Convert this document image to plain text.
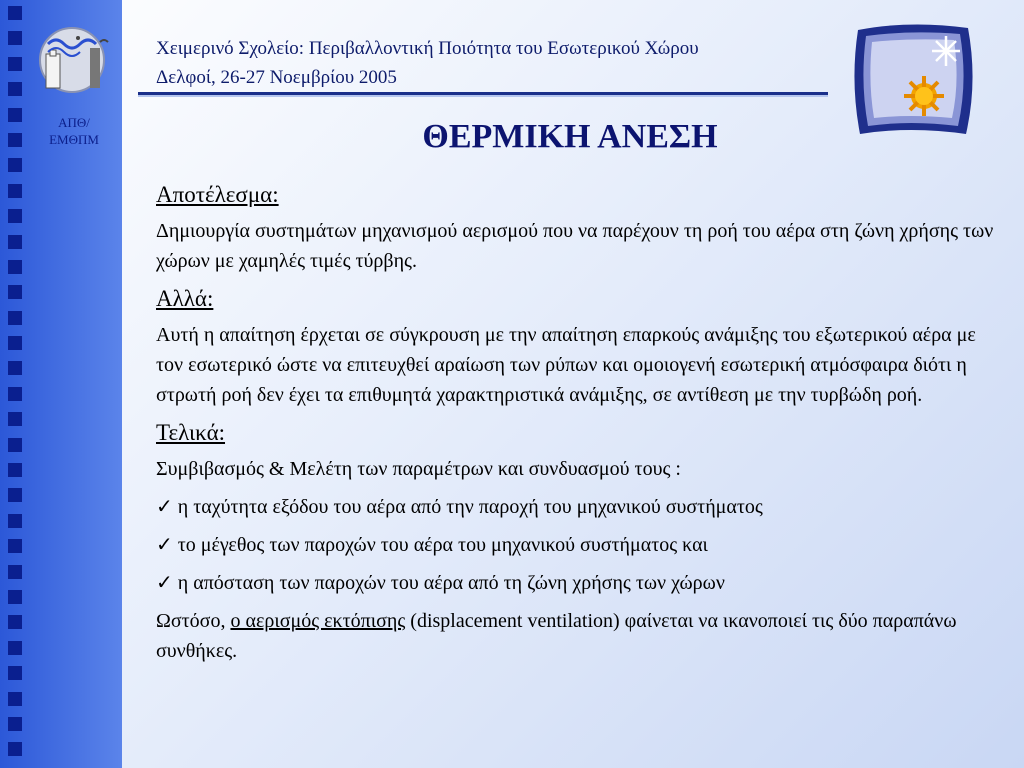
ΑΠΘ/
ΕΜΘΠΜ
Χειμερινό Σχολείο: Περιβαλλοντική Ποιότητα του Εσωτερικού Χώρου
Δελφοί, 26-27 Νοεμβρίου 2005
ΘΕΡΜΙΚΗ ΑΝΕΣΗ
Αποτέλεσμα:

Δημιουργία συστημάτων μηχανισμού αερισμού που να παρέχουν τη ροή του αέρα στη ζώνη χρήσης των χώρων με χαμηλές τιμές τύρβης.

Αλλά:

Αυτή η απαίτηση έρχεται σε σύγκρουση με την απαίτηση επαρκούς ανάμιξης του εξωτερικού αέρα με τον εσωτερικό ώστε να επιτευχθεί αραίωση των ρύπων και ομοιογενή εσωτερική ατμόσφαιρα διότι η στρωτή ροή δεν έχει τα επιθυμητά χαρακτηριστικά ανάμιξης, σε αντίθεση με την τυρβώδη ροή.

Τελικά:

Συμβιβασμός & Μελέτη των παραμέτρων και συνδυασμού τους :

✓ η ταχύτητα εξόδου του αέρα από την παροχή του μηχανικού συστήματος
✓ το μέγεθος των παροχών του αέρα του μηχανικού συστήματος και
✓ η απόσταση των παροχών του αέρα από τη ζώνη χρήσης των χώρων

Ωστόσο, ο αερισμός εκτόπισης (displacement ventilation) φαίνεται να ικανοποιεί τις δύο παραπάνω συνθήκες.
